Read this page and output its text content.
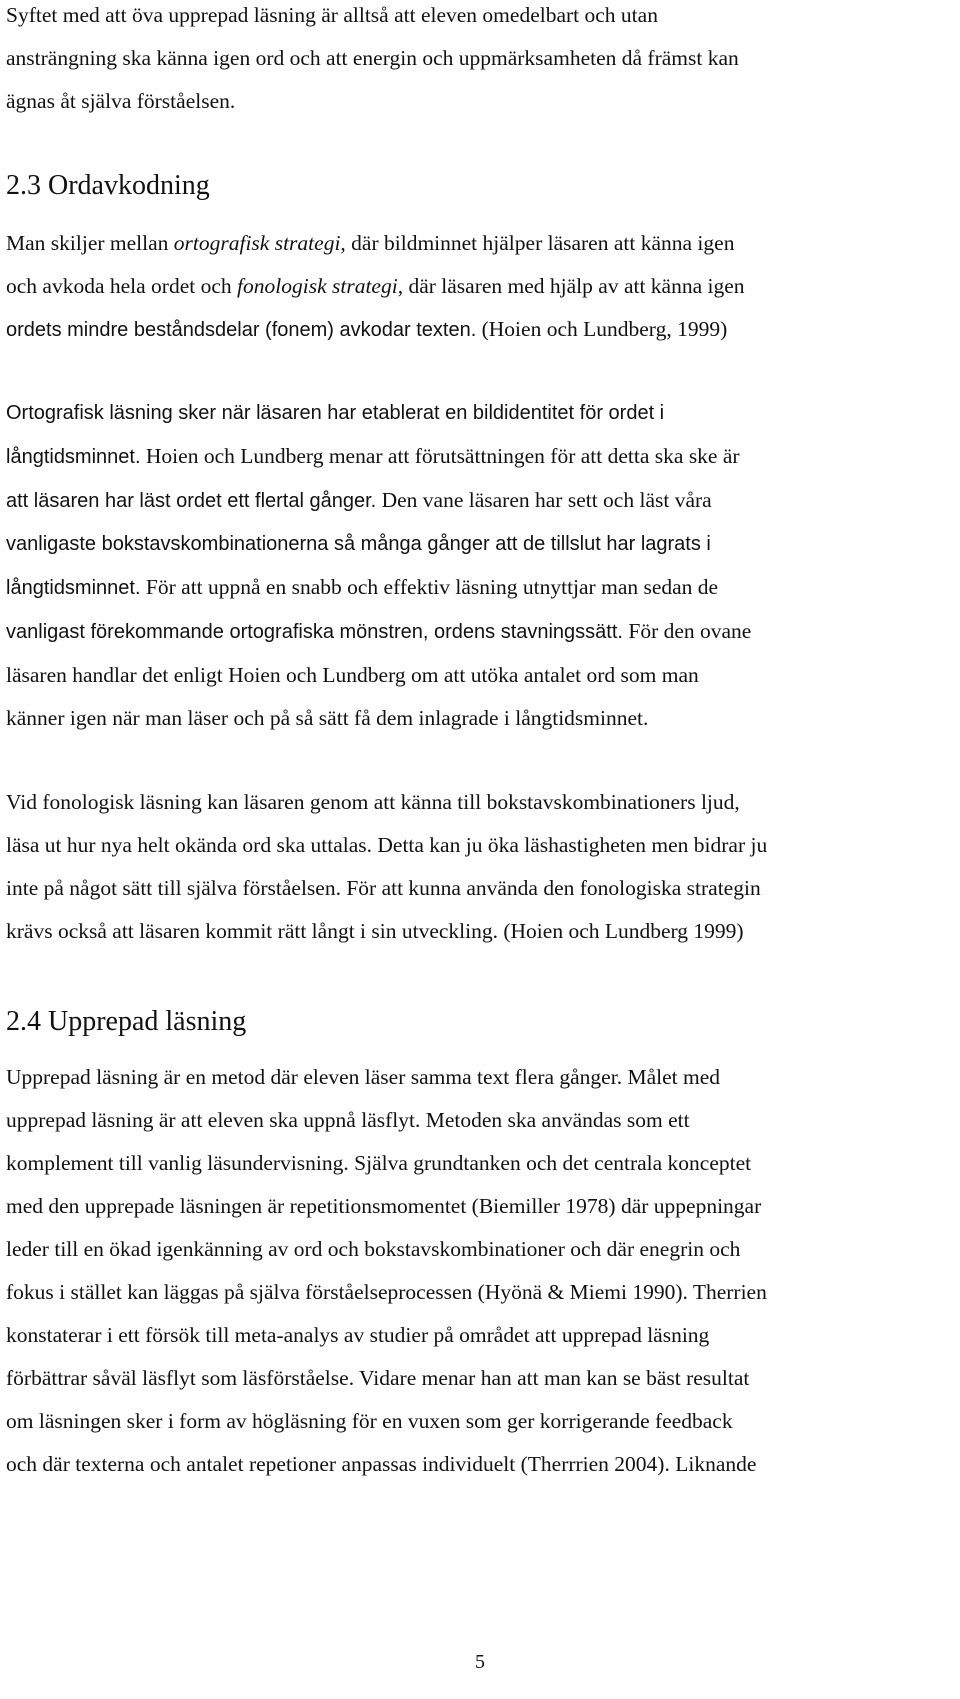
Syftet med att öva upprepad läsning är alltså att eleven omedelbart och utan
ansträngning ska känna igen ord och att energin och uppmärksamheten då främst kan
ägnas åt själva förståelsen.

2.3 Ordavkodning

Man skiljer mellan ortografisk strategi, där bildminnet hjälper läsaren att känna igen
och avkoda hela ordet och fonologisk strategi, där läsaren med hjälp av att känna igen
ordets mindre beståndsdelar (fonem) avkodar texten. (Hoien och Lundberg, 1999)

Ortografisk läsning sker när läsaren har etablerat en bildidentitet för ordet i
långtidsminnet. Hoien och Lundberg menar att förutsättningen för att detta ska ske är
att läsaren har läst ordet ett flertal gånger. Den vane läsaren har sett och läst våra
vanligaste bokstavskombinationerna så många gånger att de tillslut har lagrats i
långtidsminnet. För att uppnå en snabb och effektiv läsning utnyttjar man sedan de
vanligast förekommande ortografiska mönstren, ordens stavningssätt. För den ovane
läsaren handlar det enligt Hoien och Lundberg om att utöka antalet ord som man
känner igen när man läser och på så sätt få dem inlagrade i långtidsminnet.

Vid fonologisk läsning kan läsaren genom att känna till bokstavskombinationers ljud,
läsa ut hur nya helt okända ord ska uttalas. Detta kan ju öka läshastigheten men bidrar ju
inte på något sätt till själva förståelsen. För att kunna använda den fonologiska strategin
krävs också att läsaren kommit rätt långt i sin utveckling. (Hoien och Lundberg 1999)

2.4 Upprepad läsning

Upprepad läsning är en metod där eleven läser samma text flera gånger. Målet med
upprepad läsning är att eleven ska uppnå läsflyt. Metoden ska användas som ett
komplement till vanlig läsundervisning. Själva grundtanken och det centrala konceptet
med den upprepade läsningen är repetitionsmomentet (Biemiller 1978) där uppepningar
leder till en ökad igenkänning av ord och bokstavskombinationer och där enegrin och
fokus i stället kan läggas på själva förståelseprocessen (Hyönä & Miemi 1990). Therrien
konstaterar i ett försök till meta-analys av studier på området att upprepad läsning
förbättrar såväl läsflyt som läsförståelse. Vidare menar han att man kan se bäst resultat
om läsningen sker i form av högläsning för en vuxen som ger korrigerande feedback
och där texterna och antalet repetioner anpassas individuelt (Therrrien 2004). Liknande

5
